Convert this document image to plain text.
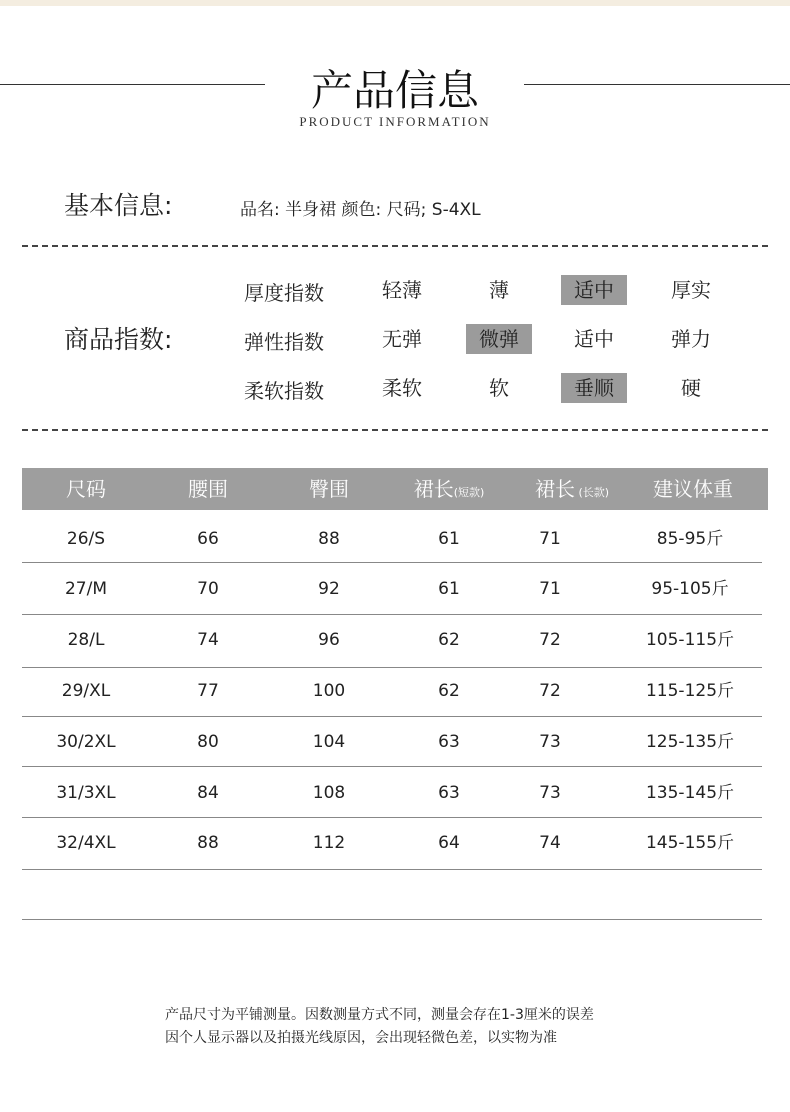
产品信息
PRODUCT INFORMATION
基本信息:	品名: 半身裙 颜色: 尺码; S-4XL
商品指数:
厚度指数	轻薄	薄	适中	厚实
弹性指数	无弹	微弹	适中	弹力
柔软指数	柔软	软	垂顺	硬
尺码	腰围	臀围	裙长(短款)	裙长 (长款)	建议体重
26/S	66	88	61	71	85-95斤
27/M	70	92	61	71	95-105斤
28/L	74	96	62	72	105-115斤
29/XL	77	100	62	72	115-125斤
30/2XL	80	104	63	73	125-135斤
31/3XL	84	108	63	73	135-145斤
32/4XL	88	112	64	74	145-155斤
产品尺寸为平铺测量。因数测量方式不同，测量会存在1-3厘米的误差
因个人显示器以及拍摄光线原因，会出现轻微色差，以实物为准
